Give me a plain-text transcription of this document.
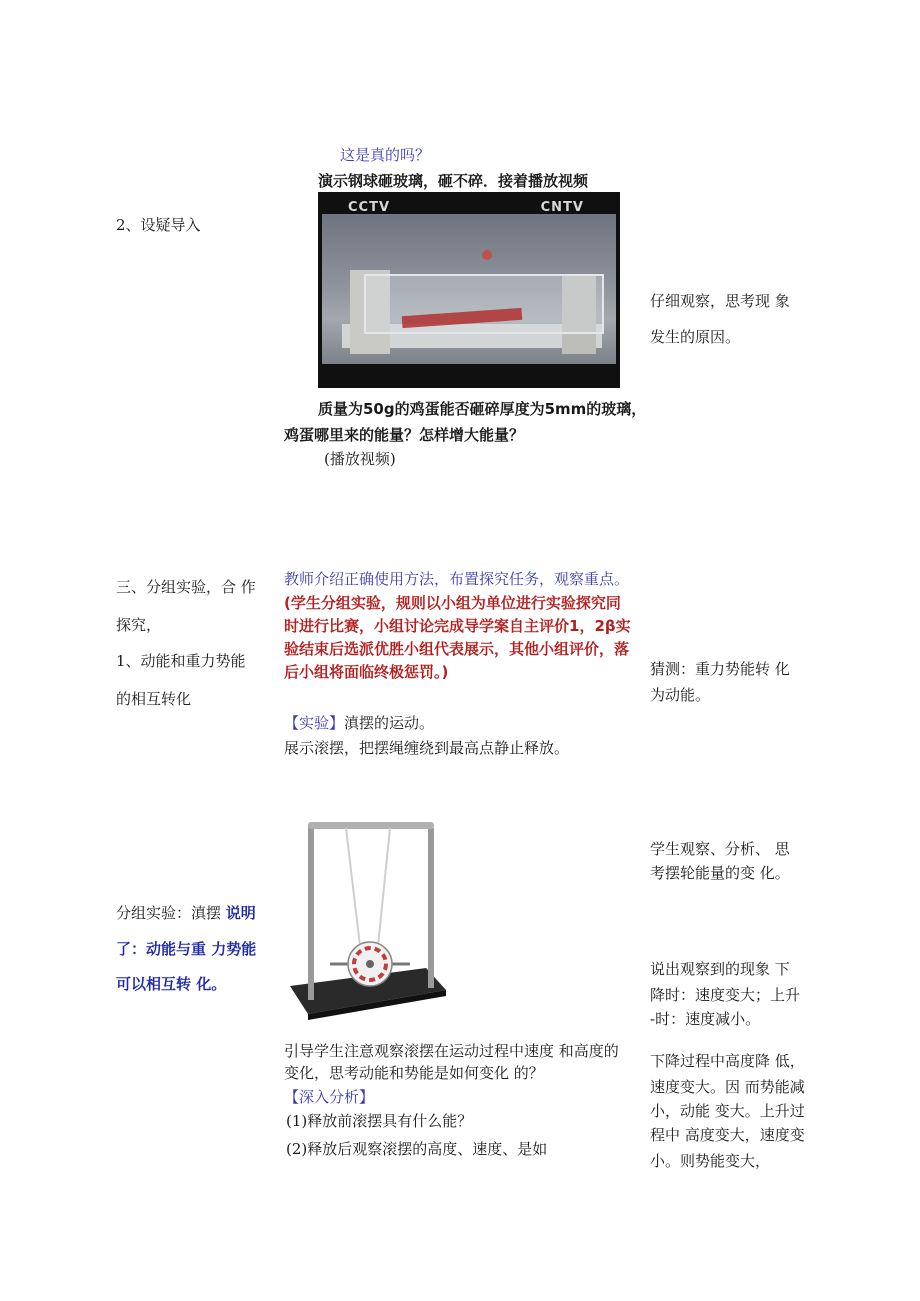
这是真的吗？
演示钢球砸玻璃，砸不碎．接着播放视频
2、设疑导入
CCTV	CNTV
仔细观察，思考现 象
发生的原因。
质量为50g的鸡蛋能否砸碎厚度为5mm的玻璃，
鸡蛋哪里来的能量？怎样增大能量？
(播放视频)
三、分组实验，合 作
探究，
1、动能和重力势能
的相互转化
教师介绍正确使用方法，布置探究任务，观察重点。
(学生分组实验，规则以小组为单位进行实验探究同
时进行比赛，小组讨论完成导学案自主评价1，2β实
验结束后选派优胜小组代表展示，其他小组评价，落
后小组将面临终极惩罚。)	猜测：重力势能转 化
为动能。
【实验】滇摆的运动。
展示滚摆，把摆绳缠绕到最高点静止释放。
学生观察、分析、 思
考摆轮能量的变 化。
分组实验：滇摆 说明
了：动能与重 力势能
可以相互转 化。
说出观察到的现象 下
降时：速度变大；上升
-时：速度减小。
引导学生注意观察滚摆在运动过程中速度 和高度的
变化，思考动能和势能是如何变化 的？
【深入分析】
(1)释放前滚摆具有什么能？
(2)释放后观察滚摆的高度、速度、是如
下降过程中高度降 低，
速度变大。因 而势能减
小，动能 变大。上升过
程中 高度变大，速度变
小。则势能变大，
